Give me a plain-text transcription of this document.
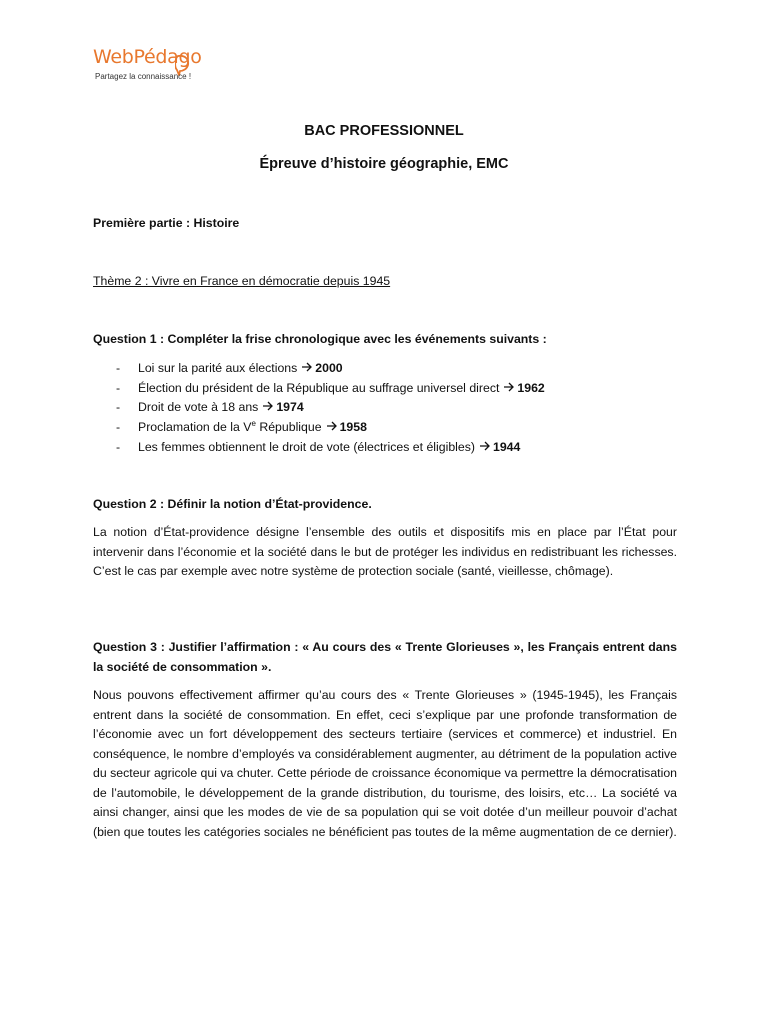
WebPédago
Partagez la connaissance !
BAC PROFESSIONNEL
Épreuve d’histoire géographie, EMC
Première partie : Histoire
Thème 2 : Vivre en France en démocratie depuis 1945
Question 1 : Compléter la frise chronologique avec les événements suivants :
- Loi sur la parité aux élections 2000
- Élection du président de la République au suffrage universel direct 1962
- Droit de vote à 18 ans 1974
- Proclamation de la Ve République 1958
- Les femmes obtiennent le droit de vote (électrices et éligibles) 1944
Question 2 : Définir la notion d’État-providence.
La notion d’État-providence désigne l’ensemble des outils et dispositifs mis en place par l’État pour intervenir dans l’économie et la société dans le but de protéger les individus en redistribuant les richesses. C’est le cas par exemple avec notre système de protection sociale (santé, vieillesse, chômage).
Question 3 : Justifier l’affirmation : « Au cours des « Trente Glorieuses », les Français entrent dans la société de consommation ».
Nous pouvons effectivement affirmer qu’au cours des « Trente Glorieuses » (1945-1945), les Français entrent dans la société de consommation. En effet, ceci s’explique par une profonde transformation de l’économie avec un fort développement des secteurs tertiaire (services et commerce) et industriel. En conséquence, le nombre d’employés va considérablement augmenter, au détriment de la population active du secteur agricole qui va chuter. Cette période de croissance économique va permettre la démocratisation de l’automobile, le développement de la grande distribution, du tourisme, des loisirs, etc… La société va ainsi changer, ainsi que les modes de vie de sa population qui se voit dotée d’un meilleur pouvoir d’achat (bien que toutes les catégories sociales ne bénéficient pas toutes de la même augmentation de ce dernier).
